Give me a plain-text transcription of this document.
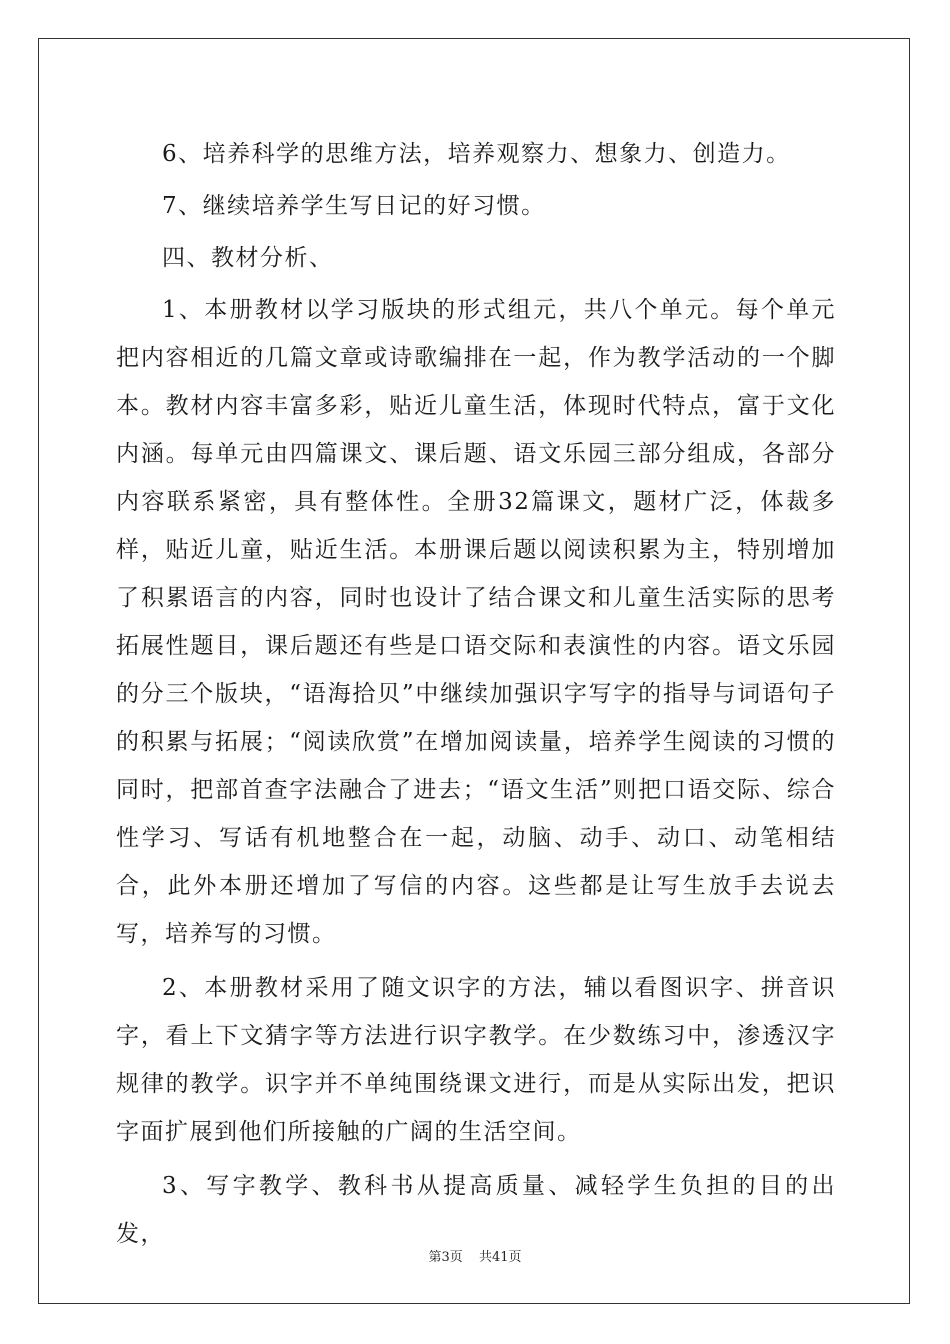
6、培养科学的思维方法，培养观察力、想象力、创造力。

7、继续培养学生写日记的好习惯。

四、教材分析、

1、本册教材以学习版块的形式组元，共八个单元。每个单元把内容相近的几篇文章或诗歌编排在一起，作为教学活动的一个脚本。教材内容丰富多彩，贴近儿童生活，体现时代特点，富于文化内涵。每单元由四篇课文、课后题、语文乐园三部分组成，各部分内容联系紧密，具有整体性。全册32篇课文，题材广泛，体裁多样，贴近儿童，贴近生活。本册课后题以阅读积累为主，特别增加了积累语言的内容，同时也设计了结合课文和儿童生活实际的思考拓展性题目，课后题还有些是口语交际和表演性的内容。语文乐园的分三个版块，“语海拾贝”中继续加强识字写字的指导与词语句子的积累与拓展；“阅读欣赏”在增加阅读量，培养学生阅读的习惯的同时，把部首查字法融合了进去；“语文生活”则把口语交际、综合性学习、写话有机地整合在一起，动脑、动手、动口、动笔相结合，此外本册还增加了写信的内容。这些都是让写生放手去说去写，培养写的习惯。

2、本册教材采用了随文识字的方法，辅以看图识字、拼音识字，看上下文猜字等方法进行识字教学。在少数练习中，渗透汉字规律的教学。识字并不单纯围绕课文进行，而是从实际出发，把识字面扩展到他们所接触的广阔的生活空间。

3、写字教学、教科书从提高质量、减轻学生负担的目的出发，

第3页 共41页
